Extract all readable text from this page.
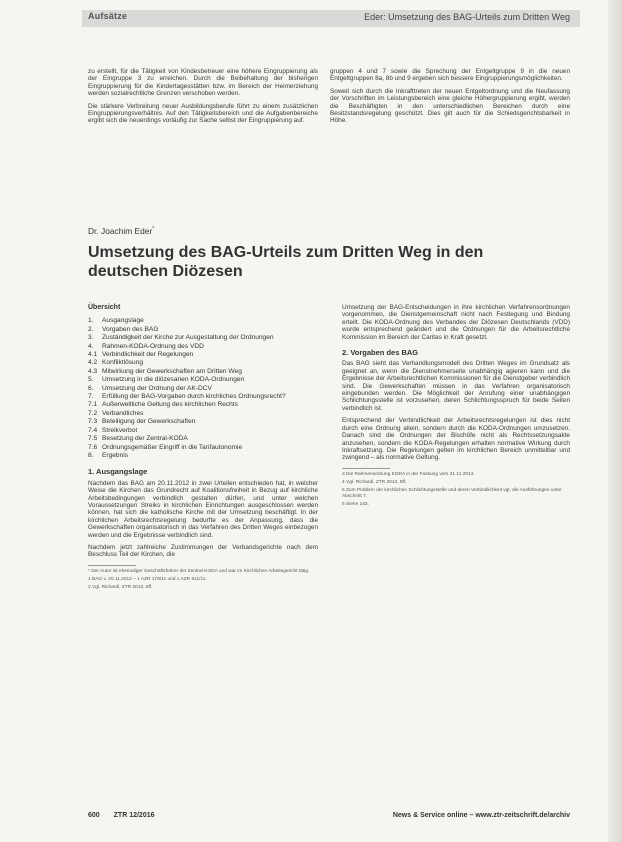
Aufsätze	Eder: Umsetzung des BAG-Urteils zum Dritten Weg

zu erstellt, für die Tätigkeit von Kindesbetreuer eine höhere Eingruppierung als der Eingruppe 3 zu erreichen. Durch die Beibehaltung der bisherigen Eingruppierung für die Kindertagesstätten bzw. im Bereich der Heimerziehung werden sozialrechtliche Grenzen verschoben werden.

Die stärkere Verbreitung neuer Ausbildungsberufe führt zu einem zusätzlichen Eingruppierungsverhältnis. Auf den Tätigkeitsbereich und die Aufgabenbereiche ergibt sich die neuerdings vorläufig zur Sache selbst der Eingruppierung auf.

gruppen 4 und 7 sowie die Sprechung der Entgeltgruppe 9 in die neuen Entgeltgruppen 8a, 8b und 9 ergeben sich bessere Eingruppierungsmöglichkeiten.

Soweit sich durch die Inkrafttreten der neuen Entgeltordnung und die Neufassung der Vorschriften im Leistungsbereich eine gleiche Höhergruppierung ergibt, werden die Beschäftigten in den unterschiedlichen Bereichen durch eine Besitzstandsregelung geschützt. Dies gilt auch für die Schiedsgerichtsbarkeit in Höhe.

Dr. Joachim Eder*
Umsetzung des BAG-Urteils zum Dritten Weg in den deutschen Diözesen
Übersicht
1.	Ausgangslage
2.	Vorgaben des BAG
3.	Zuständigkeit der Kirche zur Ausgestaltung der Ordnungen
4.	Rahmen-KODA-Ordnung des VDD
4.1 Verbindlichkeit der Regelungen
4.2 Konfliktlösung
4.3 Mitwirkung der Gewerkschaften am Dritten Weg
5.	Umsetzung in die diözesanen KODA-Ordnungen
6.	Umsetzung der Ordnung der AK-DCV
7.	Erfüllung der BAG-Vorgaben durch kirchliches Ordnungsrecht?
7.1 Außerweltliche Geltung des kirchlichen Rechts
7.2 Verbandliches
7.3 Beteiligung der Gewerkschaften
7.4 Streikverbot
7.5 Besetzung der Zentral-KODA
7.6 Ordnungsgemäßer Eingriff in die Tarifautonomie
8.	Ergebnis
1. Ausgangslage

Nachdem das BAG am 20.11.2012 in zwei Urteilen entschieden hat, in welcher Weise die Kirchen das Grundrecht auf Koalitionsfreiheit in Bezug auf kirchliche Arbeitsbedingungen verbindlich gestalten dürfen, und unter welchen Voraussetzungen Streiks in kirchlichen Einrichtungen ausgeschlossen werden können, hat sich die katholische Kirche mit der Umsetzung beschäftigt. In der kirchlichen Arbeitsrechtsregelung bedurfte es der Anpassung, dass die Gewerkschaften organisatorisch in das Verfahren des Dritten Weges einbezogen werden und die Ergebnisse verbindlich sind.

Nachdem jetzt zahlreiche Zustimmungen der Verbandsgerichte nach dem Beschluss Teil der Kirchen, die

* Der Autor ist ehemaliger Geschäftsführer der Zentral-KODA und war im Kirchlichen Arbeitsgericht tätig.
1 BAG v. 20.11.2012 – 1 AZR 179/11 und 1 AZR 611/11.
2 Vgl. Richardi, ZTR 2013, 8ff.

Umsetzung der BAG-Entscheidungen in ihre kirchlichen Verfahrensordnungen vorgenommen, die Dienstgemeinschaft nicht nach Festlegung und Bindung erteilt. Die KODA-Ordnung des Verbandes der Diözesen Deutschlands (VDD) wurde entsprechend geändert und die Ordnungen für die Arbeitsrechtliche Kommission im Bereich der Caritas in Kraft gesetzt.

2. Vorgaben des BAG

Das BAG sieht das Verhandlungsmodell des Dritten Weges im Grundsatz als geeignet an, wenn die Dienstnehmerseite unabhängig agieren kann und die Ergebnisse der Arbeitsrechtlichen Kommissionen für die Dienstgeber verbindlich sind. Die Gewerkschaften müssen in das Verfahren organisatorisch eingebunden werden. Die Möglichkeit der Anrufung einer unabhängigen Schlichtungsstelle ist vorzusehen, deren Schlichtungsspruch für beide Seiten verbindlich ist.

Entsprechend der Verbindlichkeit der Arbeitsrechtsregelungen ist dies nicht durch eine Ordnung allein, sondern durch die KODA-Ordnungen umzusetzen. Danach sind die Ordnungen der Bischöfe nicht als Rechtssetzungsakte anzusehen, sondern die KODA-Regelungen erhalten normative Wirkung durch Inkraftsetzung. Die Regelungen gelten im kirchlichen Bereich unmittelbar und zwingend – als normative Geltung.

3 Die Rahmenordnung KODA in der Fassung vom 21.11.2013.
4 Vgl. Richardi, ZTR 2013, 8ff.
5 Zum Problem der kirchlichen Schlichtungsstelle und deren Verbindlichkeit vgl. die Ausführungen unter Abschnitt 7.
6 Siehe 143.
600 ZTR 12/2016	News & Service online – www.ztr-zeitschrift.de/archiv
